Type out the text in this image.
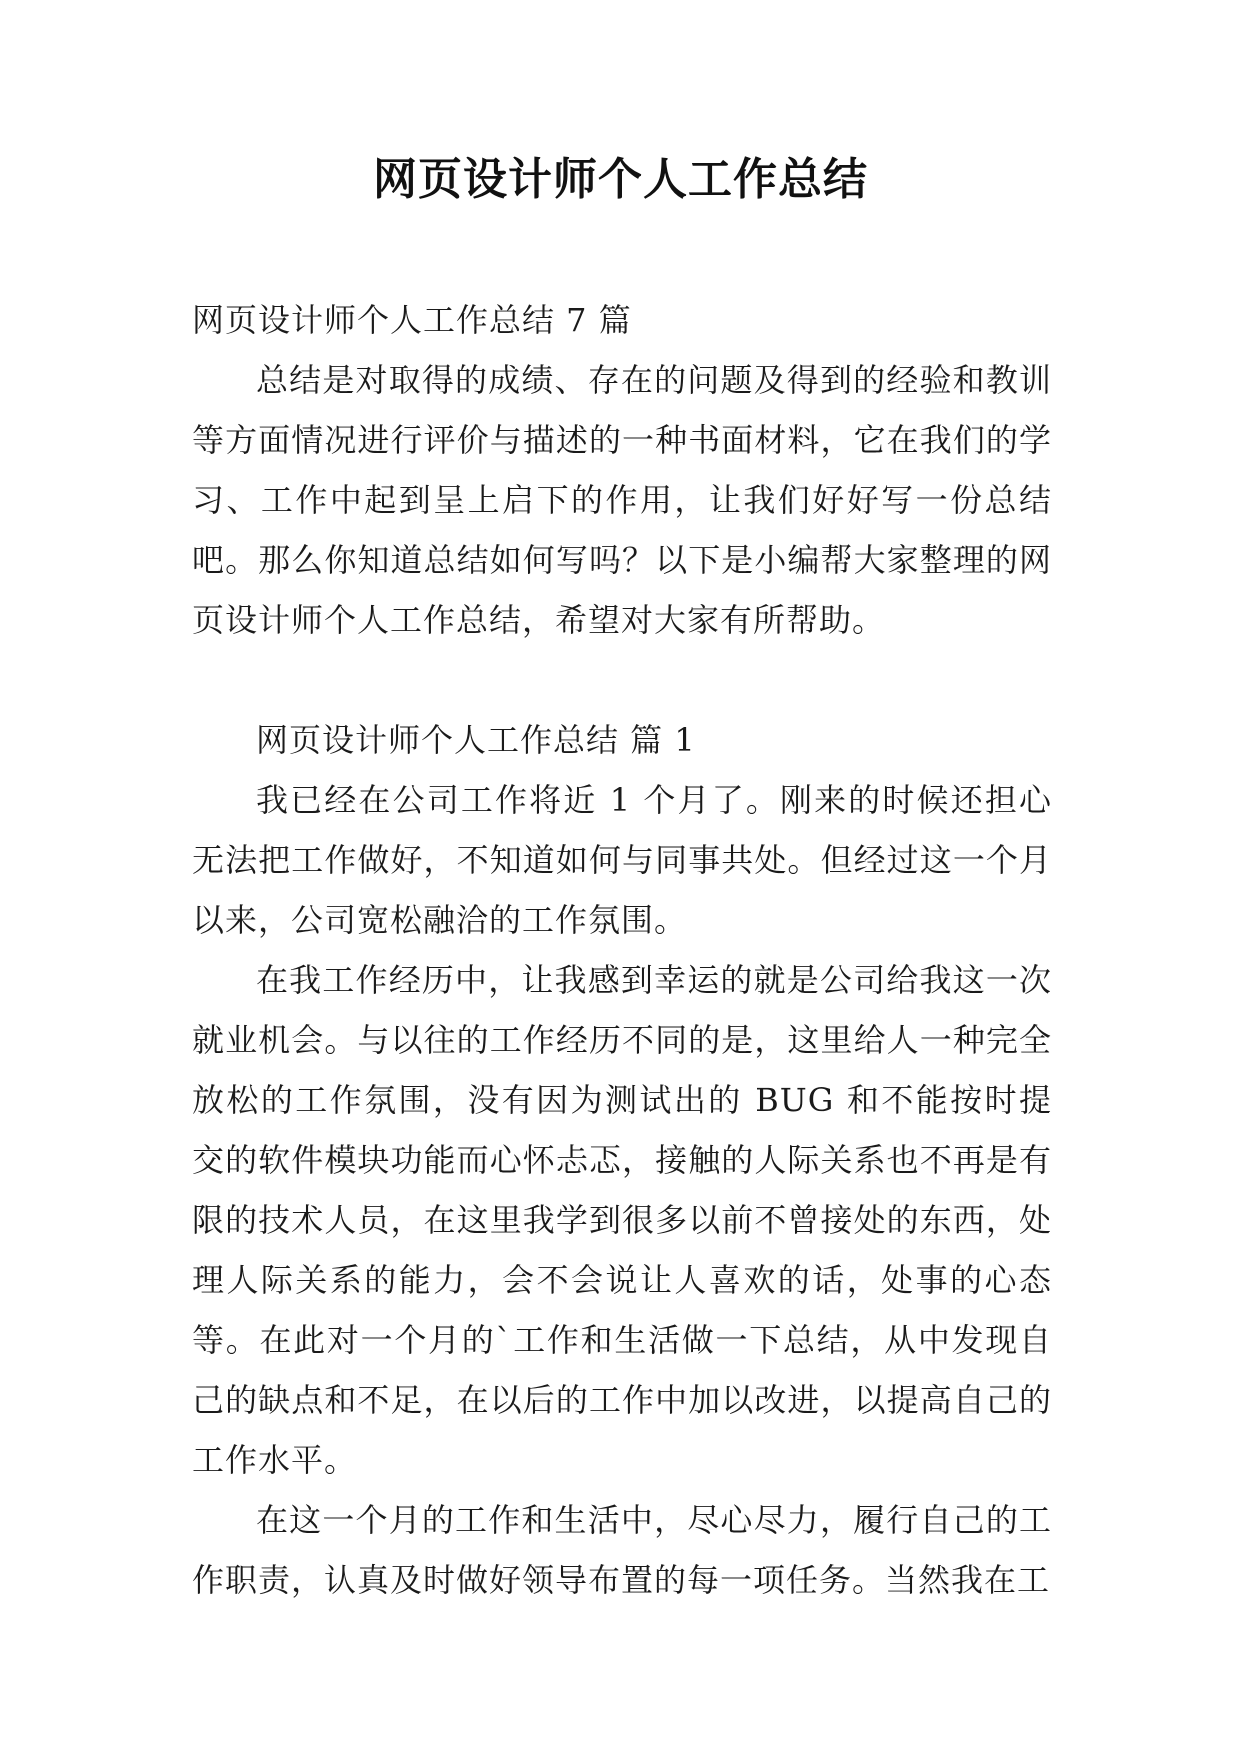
网页设计师个人工作总结

网页设计师个人工作总结 7 篇

总结是对取得的成绩、存在的问题及得到的经验和教训等方面情况进行评价与描述的一种书面材料，它在我们的学习、工作中起到呈上启下的作用，让我们好好写一份总结吧。那么你知道总结如何写吗？以下是小编帮大家整理的网页设计师个人工作总结，希望对大家有所帮助。

网页设计师个人工作总结 篇 1

我已经在公司工作将近 1 个月了。刚来的时候还担心无法把工作做好，不知道如何与同事共处。但经过这一个月以来，公司宽松融洽的工作氛围。

在我工作经历中，让我感到幸运的就是公司给我这一次就业机会。与以往的工作经历不同的是，这里给人一种完全放松的工作氛围，没有因为测试出的 BUG 和不能按时提交的软件模块功能而心怀忐忑，接触的人际关系也不再是有限的技术人员，在这里我学到很多以前不曾接处的东西，处理人际关系的能力，会不会说让人喜欢的话，处事的心态等。在此对一个月的`工作和生活做一下总结，从中发现自己的缺点和不足，在以后的工作中加以改进，以提高自己的工作水平。

在这一个月的工作和生活中，尽心尽力，履行自己的工作职责，认真及时做好领导布置的每一项任务。当然我在工
